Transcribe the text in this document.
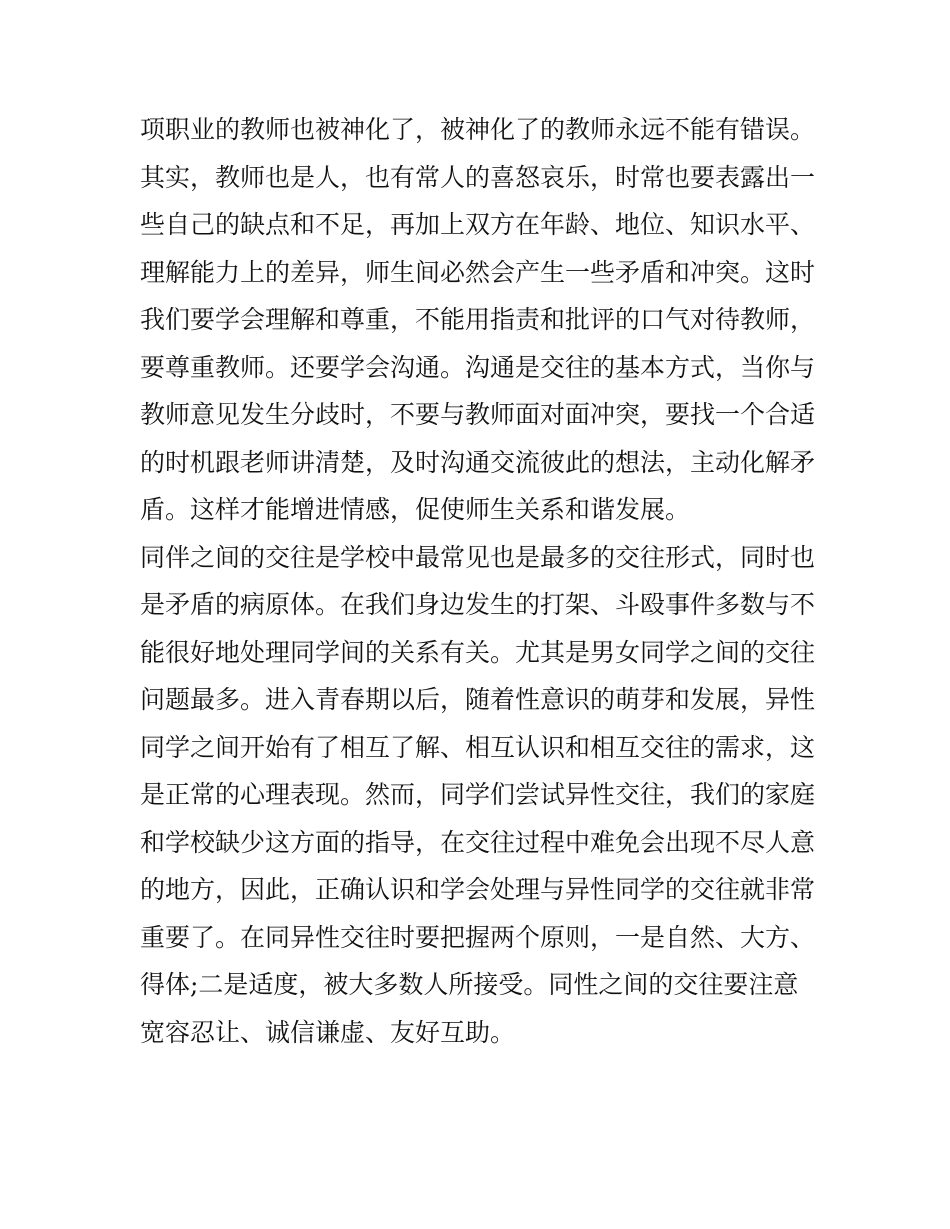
项职业的教师也被神化了，被神化了的教师永远不能有错误。
其实，教师也是人，也有常人的喜怒哀乐，时常也要表露出一
些自己的缺点和不足，再加上双方在年龄、地位、知识水平、
理解能力上的差异，师生间必然会产生一些矛盾和冲突。这时
我们要学会理解和尊重，不能用指责和批评的口气对待教师，
要尊重教师。还要学会沟通。沟通是交往的基本方式，当你与
教师意见发生分歧时，不要与教师面对面冲突，要找一个合适
的时机跟老师讲清楚，及时沟通交流彼此的想法，主动化解矛
盾。这样才能增进情感，促使师生关系和谐发展。
同伴之间的交往是学校中最常见也是最多的交往形式，同时也
是矛盾的病原体。在我们身边发生的打架、斗殴事件多数与不
能很好地处理同学间的关系有关。尤其是男女同学之间的交往
问题最多。进入青春期以后，随着性意识的萌芽和发展，异性
同学之间开始有了相互了解、相互认识和相互交往的需求，这
是正常的心理表现。然而，同学们尝试异性交往，我们的家庭
和学校缺少这方面的指导，在交往过程中难免会出现不尽人意
的地方，因此，正确认识和学会处理与异性同学的交往就非常
重要了。在同异性交往时要把握两个原则，一是自然、大方、
得体;二是适度，被大多数人所接受。同性之间的交往要注意
宽容忍让、诚信谦虚、友好互助。
